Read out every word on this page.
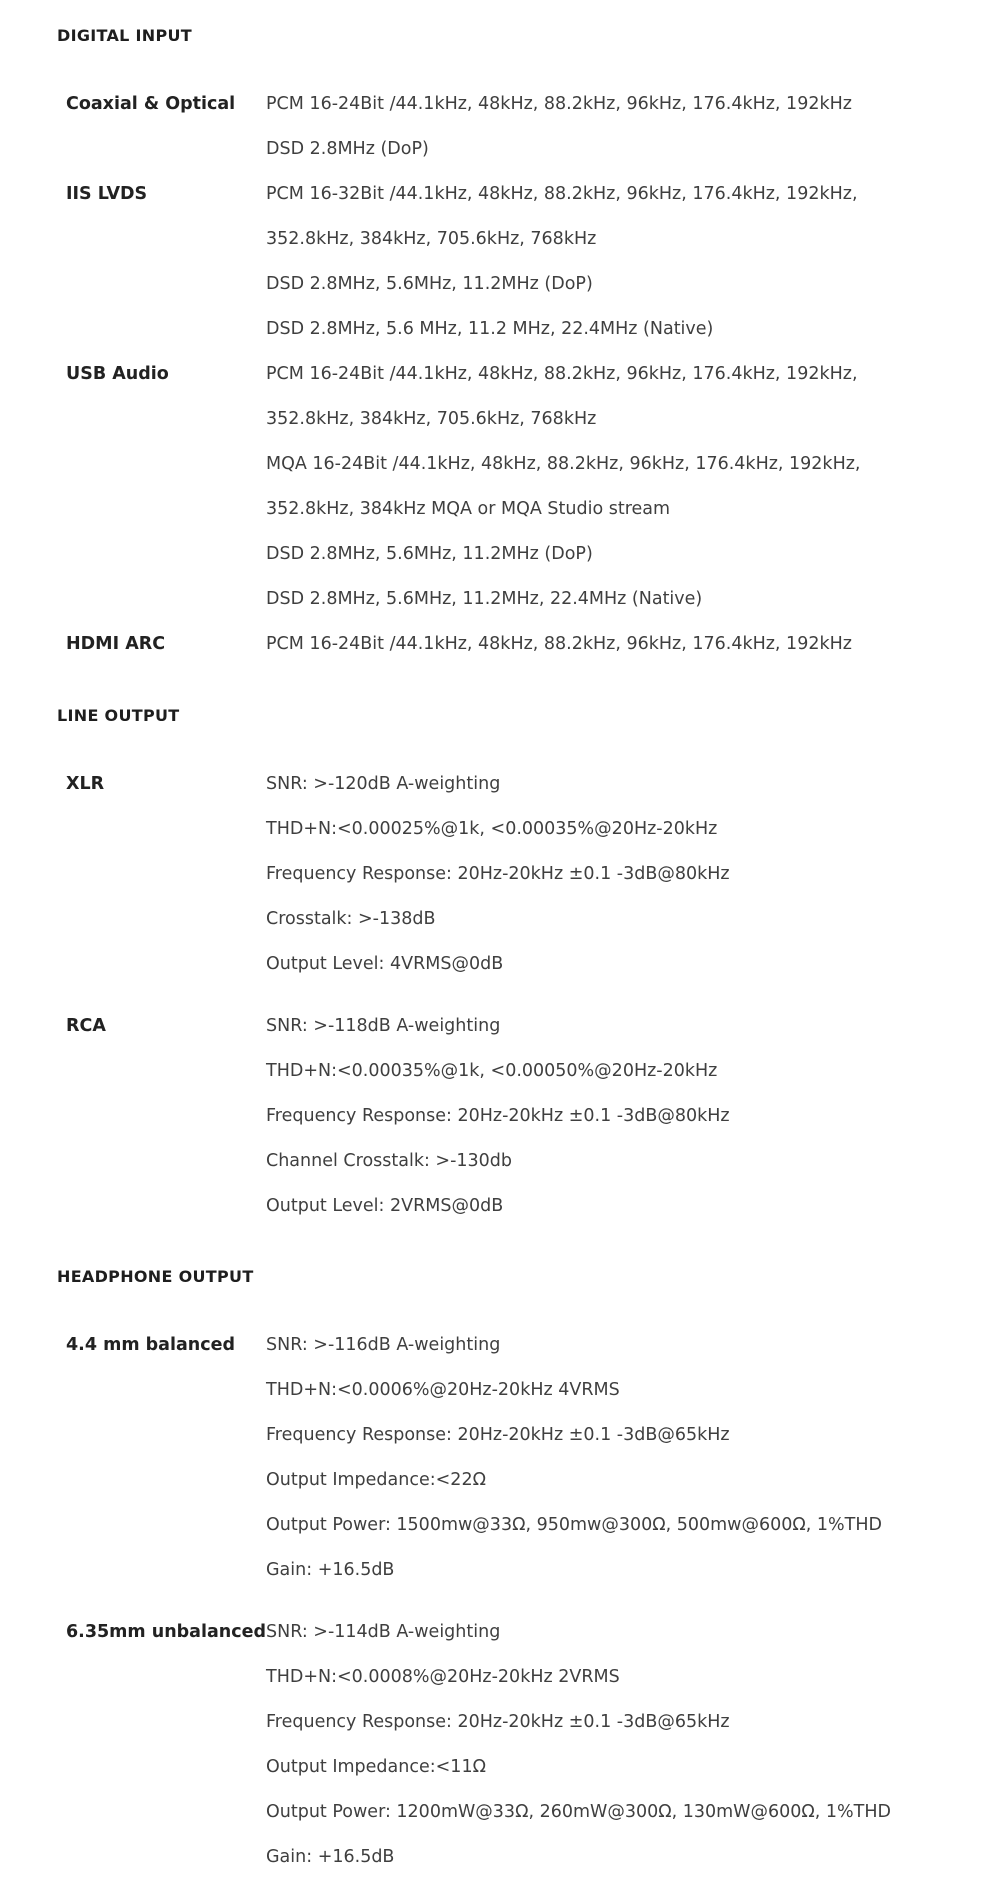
DIGITAL INPUT
Coaxial & Optical PCM 16-24Bit /44.1kHz, 48kHz, 88.2kHz, 96kHz, 176.4kHz, 192kHz
DSD 2.8MHz (DoP)
IIS LVDS	PCM 16-32Bit /44.1kHz, 48kHz, 88.2kHz, 96kHz, 176.4kHz, 192kHz,
352.8kHz, 384kHz, 705.6kHz, 768kHz
DSD 2.8MHz, 5.6MHz, 11.2MHz (DoP)
DSD 2.8MHz, 5.6 MHz, 11.2 MHz, 22.4MHz (Native)
USB Audio	PCM 16-24Bit /44.1kHz, 48kHz, 88.2kHz, 96kHz, 176.4kHz, 192kHz,
352.8kHz, 384kHz, 705.6kHz, 768kHz
MQA 16-24Bit /44.1kHz, 48kHz, 88.2kHz, 96kHz, 176.4kHz, 192kHz,
352.8kHz, 384kHz MQA or MQA Studio stream
DSD 2.8MHz, 5.6MHz, 11.2MHz (DoP)
DSD 2.8MHz, 5.6MHz, 11.2MHz, 22.4MHz (Native)
HDMI ARC	PCM 16-24Bit /44.1kHz, 48kHz, 88.2kHz, 96kHz, 176.4kHz, 192kHz
LINE OUTPUT
XLR	SNR: >-120dB A-weighting
THD+N:<0.00025%@1k, <0.00035%@20Hz-20kHz
Frequency Response: 20Hz-20kHz ±0.1 -3dB@80kHz
Crosstalk: >-138dB
Output Level: 4VRMS@0dB
RCA	SNR: >-118dB A-weighting
THD+N:<0.00035%@1k, <0.00050%@20Hz-20kHz
Frequency Response: 20Hz-20kHz ±0.1 -3dB@80kHz
Channel Crosstalk: >-130db
Output Level: 2VRMS@0dB
HEADPHONE OUTPUT
4.4 mm balanced SNR: >-116dB A-weighting
THD+N:<0.0006%@20Hz-20kHz 4VRMS
Frequency Response: 20Hz-20kHz ±0.1 -3dB@65kHz
Output Impedance:<22Ω
Output Power: 1500mw@33Ω, 950mw@300Ω, 500mw@600Ω, 1%THD
Gain: +16.5dB
6.35mm unbalanced SNR: >-114dB A-weighting
THD+N:<0.0008%@20Hz-20kHz 2VRMS
Frequency Response: 20Hz-20kHz ±0.1 -3dB@65kHz
Output Impedance:<11Ω
Output Power: 1200mW@33Ω, 260mW@300Ω, 130mW@600Ω, 1%THD
Gain: +16.5dB
